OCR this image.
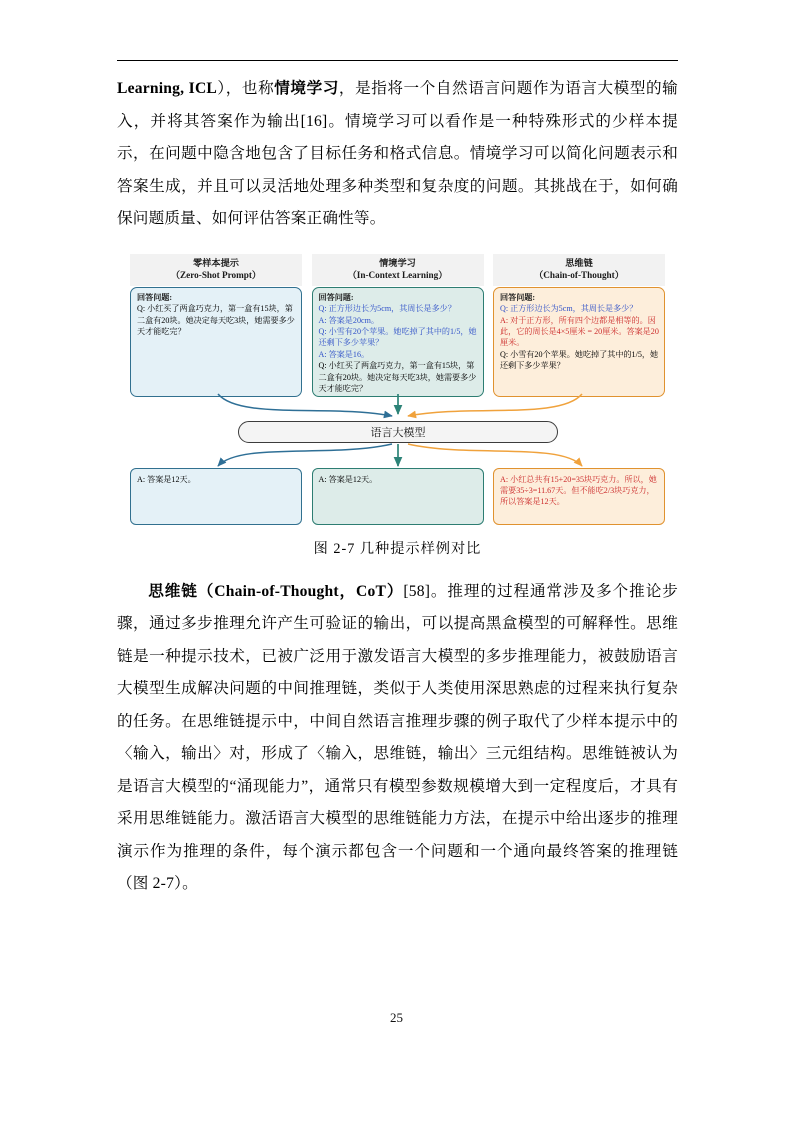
Learning, ICL），也称情境学习，是指将一个自然语言问题作为语言大模型的输入，并将其答案作为输出[16]。情境学习可以看作是一种特殊形式的少样本提示，在问题中隐含地包含了目标任务和格式信息。情境学习可以简化问题表示和答案生成，并且可以灵活地处理多种类型和复杂度的问题。其挑战在于，如何确保问题质量、如何评估答案正确性等。

零样本提示
（Zero-Shot Prompt）
回答问题:
Q: 小红买了两盒巧克力，第一盒有15块，第二盒有20块。她决定每天吃3块，她需要多少天才能吃完？
情境学习
（In-Context Learning）
回答问题:
Q: 正方形边长为5cm，其周长是多少？
A: 答案是20cm。
Q: 小雪有20个苹果。她吃掉了其中的1/5，她还剩下多少苹果？
A: 答案是16。
Q: 小红买了两盒巧克力，第一盒有15块，第二盒有20块。她决定每天吃3块，她需要多少天才能吃完？
思维链
（Chain-of-Thought）
回答问题:
Q: 正方形边长为5cm，其周长是多少？
A: 对于正方形，所有四个边都是相等的。因此，它的周长是4×5厘米 = 20厘米。答案是20厘米。
Q: 小雪有20个苹果。她吃掉了其中的1/5，她还剩下多少苹果？
语言大模型
A: 答案是12天。	A: 答案是12天。	A: 小红总共有15+20=35块巧克力。所以，她需要35÷3=11.67天。但不能吃2/3块巧克力，所以答案是12天。
图 2-7 几种提示样例对比

思维链（Chain-of-Thought，CoT）[58]。推理的过程通常涉及多个推论步骤，通过多步推理允许产生可验证的输出，可以提高黑盒模型的可解释性。思维链是一种提示技术，已被广泛用于激发语言大模型的多步推理能力，被鼓励语言大模型生成解决问题的中间推理链，类似于人类使用深思熟虑的过程来执行复杂的任务。在思维链提示中，中间自然语言推理步骤的例子取代了少样本提示中的〈输入，输出〉对，形成了〈输入，思维链，输出〉三元组结构。思维链被认为是语言大模型的“涌现能力”，通常只有模型参数规模增大到一定程度后，才具有采用思维链能力。激活语言大模型的思维链能力方法，在提示中给出逐步的推理演示作为推理的条件，每个演示都包含一个问题和一个通向最终答案的推理链（图 2-7）。

25
